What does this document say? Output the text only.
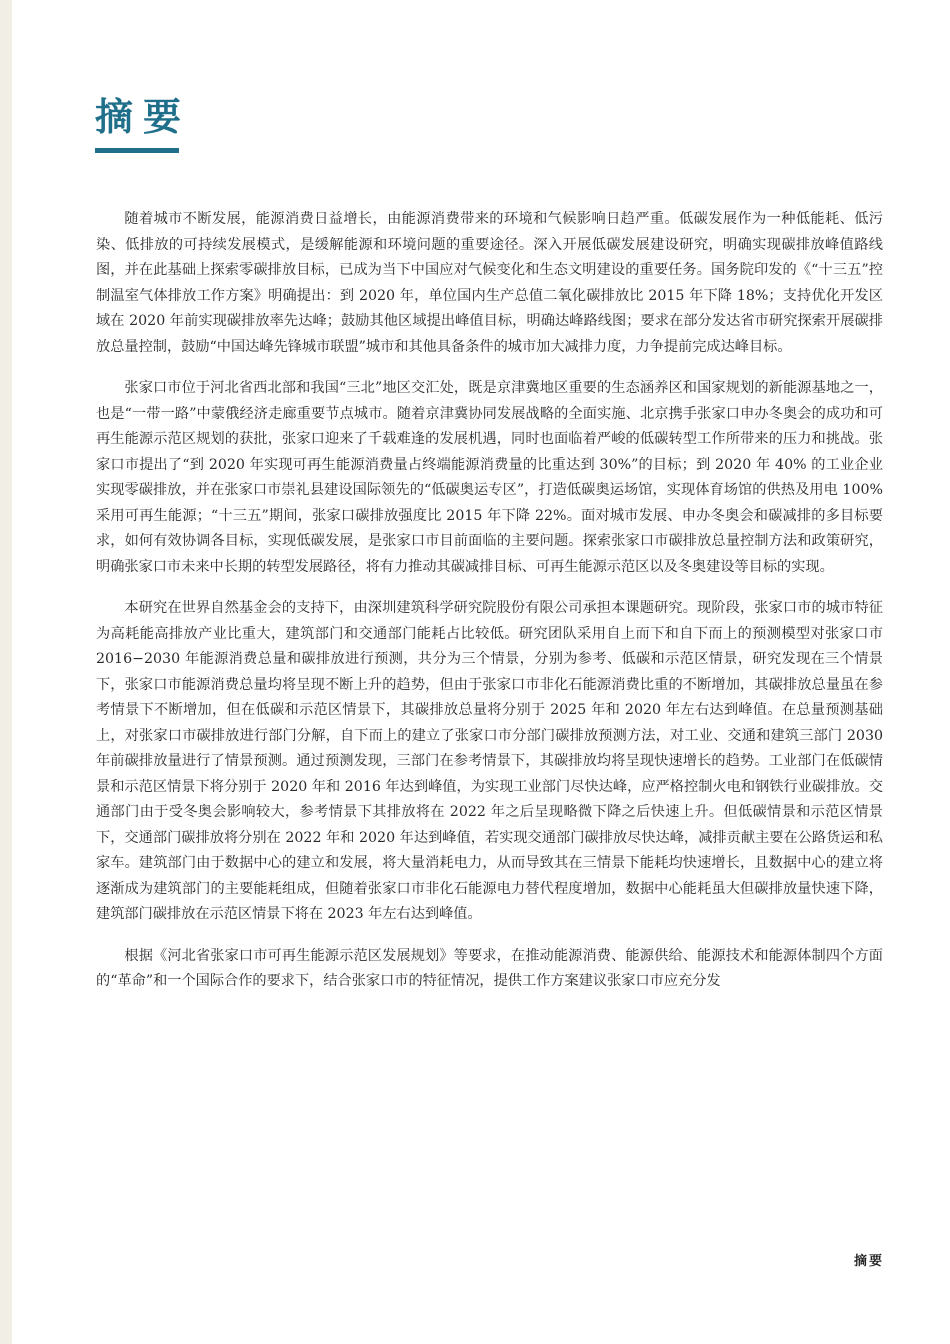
摘要

随着城市不断发展，能源消费日益增长，由能源消费带来的环境和气候影响日趋严重。低碳发展作为一种低能耗、低污染、低排放的可持续发展模式，是缓解能源和环境问题的重要途径。深入开展低碳发展建设研究，明确实现碳排放峰值路线图，并在此基础上探索零碳排放目标，已成为当下中国应对气候变化和生态文明建设的重要任务。国务院印发的《“十三五”控制温室气体排放工作方案》明确提出：到 2020 年，单位国内生产总值二氧化碳排放比 2015 年下降 18%；支持优化开发区域在 2020 年前实现碳排放率先达峰；鼓励其他区域提出峰值目标，明确达峰路线图；要求在部分发达省市研究探索开展碳排放总量控制，鼓励“中国达峰先锋城市联盟”城市和其他具备条件的城市加大减排力度，力争提前完成达峰目标。

张家口市位于河北省西北部和我国“三北”地区交汇处，既是京津冀地区重要的生态涵养区和国家规划的新能源基地之一，也是“一带一路”中蒙俄经济走廊重要节点城市。随着京津冀协同发展战略的全面实施、北京携手张家口申办冬奥会的成功和可再生能源示范区规划的获批，张家口迎来了千载难逢的发展机遇，同时也面临着严峻的低碳转型工作所带来的压力和挑战。张家口市提出了“到 2020 年实现可再生能源消费量占终端能源消费量的比重达到 30%”的目标；到 2020 年 40% 的工业企业实现零碳排放，并在张家口市崇礼县建设国际领先的“低碳奥运专区”，打造低碳奥运场馆，实现体育场馆的供热及用电 100% 采用可再生能源；“十三五”期间，张家口碳排放强度比 2015 年下降 22%。面对城市发展、申办冬奥会和碳减排的多目标要求，如何有效协调各目标，实现低碳发展，是张家口市目前面临的主要问题。探索张家口市碳排放总量控制方法和政策研究，明确张家口市未来中长期的转型发展路径，将有力推动其碳减排目标、可再生能源示范区以及冬奥建设等目标的实现。

本研究在世界自然基金会的支持下，由深圳建筑科学研究院股份有限公司承担本课题研究。现阶段，张家口市的城市特征为高耗能高排放产业比重大，建筑部门和交通部门能耗占比较低。研究团队采用自上而下和自下而上的预测模型对张家口市 2016−2030 年能源消费总量和碳排放进行预测，共分为三个情景，分别为参考、低碳和示范区情景，研究发现在三个情景下，张家口市能源消费总量均将呈现不断上升的趋势，但由于张家口市非化石能源消费比重的不断增加，其碳排放总量虽在参考情景下不断增加，但在低碳和示范区情景下，其碳排放总量将分别于 2025 年和 2020 年左右达到峰值。在总量预测基础上，对张家口市碳排放进行部门分解，自下而上的建立了张家口市分部门碳排放预测方法，对工业、交通和建筑三部门 2030 年前碳排放量进行了情景预测。通过预测发现，三部门在参考情景下，其碳排放均将呈现快速增长的趋势。工业部门在低碳情景和示范区情景下将分别于 2020 年和 2016 年达到峰值，为实现工业部门尽快达峰，应严格控制火电和钢铁行业碳排放。交通部门由于受冬奥会影响较大，参考情景下其排放将在 2022 年之后呈现略微下降之后快速上升。但低碳情景和示范区情景下，交通部门碳排放将分别在 2022 年和 2020 年达到峰值，若实现交通部门碳排放尽快达峰，减排贡献主要在公路货运和私家车。建筑部门由于数据中心的建立和发展，将大量消耗电力，从而导致其在三情景下能耗均快速增长，且数据中心的建立将逐渐成为建筑部门的主要能耗组成，但随着张家口市非化石能源电力替代程度增加，数据中心能耗虽大但碳排放量快速下降，建筑部门碳排放在示范区情景下将在 2023 年左右达到峰值。

根据《河北省张家口市可再生能源示范区发展规划》等要求，在推动能源消费、能源供给、能源技术和能源体制四个方面的“革命”和一个国际合作的要求下，结合张家口市的特征情况，提供工作方案建议张家口市应充分发

摘要
